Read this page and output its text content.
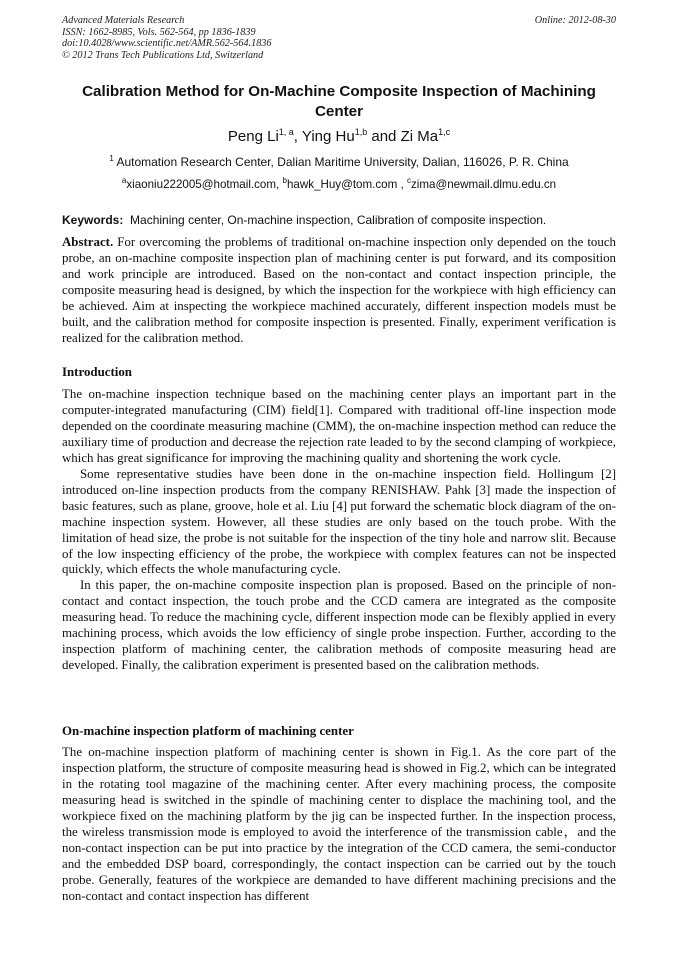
Advanced Materials Research
ISSN: 1662-8985, Vols. 562-564, pp 1836-1839
doi:10.4028/www.scientific.net/AMR.562-564.1836
© 2012 Trans Tech Publications Ltd, Switzerland
Online: 2012-08-30
Calibration Method for On-Machine Composite Inspection of Machining Center
Peng Li$^{1, a}$, Ying Hu$^{1,b}$ and Zi Ma$^{1,c}$
$^1$ Automation Research Center, Dalian Maritime University, Dalian, 116026, P. R. China
$^a$xiaoniu222005@hotmail.com, $^b$hawk_Huy@tom.com , $^c$zima@newmail.dlmu.edu.cn
Keywords: Machining center, On-machine inspection, Calibration of composite inspection.
Abstract. For overcoming the problems of traditional on-machine inspection only depended on the touch probe, an on-machine composite inspection plan of machining center is put forward, and its composition and work principle are introduced. Based on the non-contact and contact inspection principle, the composite measuring head is designed, by which the inspection for the workpiece with high efficiency can be achieved. Aim at inspecting the workpiece machined accurately, different inspection models must be built, and the calibration method for composite inspection is presented. Finally, experiment verification is realized for the calibration method.
Introduction

The on-machine inspection technique based on the machining center plays an important part in the computer-integrated manufacturing (CIM) field[1]. Compared with traditional off-line inspection mode depended on the coordinate measuring machine (CMM), the on-machine inspection method can reduce the auxiliary time of production and decrease the rejection rate leaded to by the second clamping of workpiece, which has great significance for improving the machining quality and shortening the work cycle.

Some representative studies have been done in the on-machine inspection field. Hollingum [2] introduced on-line inspection products from the company RENISHAW. Pahk [3] made the inspection of basic features, such as plane, groove, hole et al. Liu [4] put forward the schematic block diagram of the on-machine inspection system. However, all these studies are only based on the touch probe. With the limitation of head size, the probe is not suitable for the inspection of the tiny hole and narrow slit. Because of the low inspecting efficiency of the probe, the workpiece with complex features can not be inspected quickly, which effects the whole manufacturing cycle.

In this paper, the on-machine composite inspection plan is proposed. Based on the principle of non-contact and contact inspection, the touch probe and the CCD camera are integrated as the composite measuring head. To reduce the machining cycle, different inspection mode can be flexibly applied in every machining process, which avoids the low efficiency of single probe inspection. Further, according to the inspection platform of machining center, the calibration methods of composite measuring head are developed. Finally, the calibration experiment is presented based on the calibration methods.

On-machine inspection platform of machining center

The on-machine inspection platform of machining center is shown in Fig.1. As the core part of the inspection platform, the structure of composite measuring head is showed in Fig.2, which can be integrated in the rotating tool magazine of the machining center. After every machining process, the composite measuring head is switched in the spindle of machining center to displace the machining tool, and the workpiece fixed on the machining platform by the jig can be inspected further. In the inspection process, the wireless transmission mode is employed to avoid the interference of the transmission cable，and the non-contact inspection can be put into practice by the integration of the CCD camera, the semi-conductor and the embedded DSP board, correspondingly, the contact inspection can be carried out by the touch probe. Generally, features of the workpiece are demanded to have different machining precisions and the non-contact and contact inspection has different
